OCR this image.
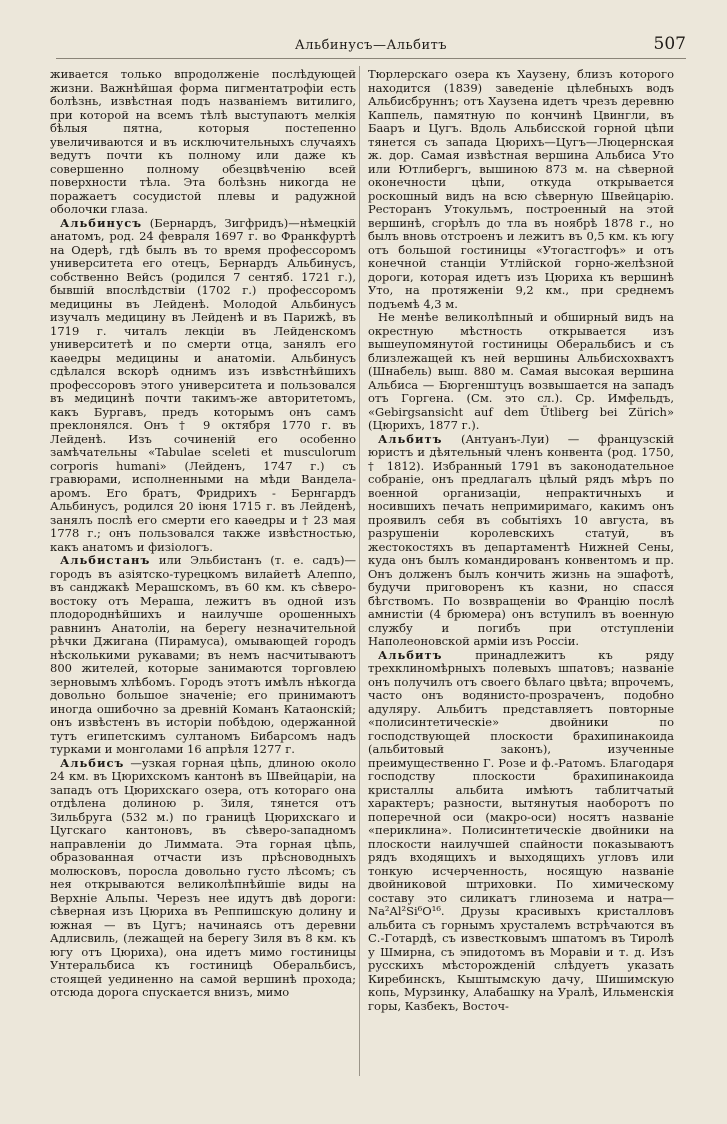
Альбинусъ—Альбитъ	507

живается только впродолженіе послѣдующей жизни. Важнѣйшая форма пигментатрофіи есть болѣзнь, извѣстная подъ названіемъ витилиго, при которой на всемъ тѣлѣ выступаютъ мелкія бѣлыя пятна, которыя постепенно увеличиваются и въ исключительныхъ случаяхъ ведутъ почти къ полному или даже къ совершенно полному обезцвѣченію всей поверхности тѣла. Эта болѣзнь никогда не поражаетъ сосудистой плевы и радужной оболочки глаза.

Альбинусъ (Бернардъ, Зигфридъ)—нѣмецкій анатомъ, род. 24 февраля 1697 г. во Франкфуртѣ на Одерѣ, гдѣ былъ въ то время профессоромъ университета его отецъ, Бернардъ Альбинусъ, собственно Вейсъ (родился 7 сентяб. 1721 г.), бывшій впослѣдствіи (1702 г.) профессоромъ медицины въ Лейденѣ. Молодой Альбинусъ изучалъ медицину въ Лейденѣ и въ Парижѣ, въ 1719 г. читалъ лекціи въ Лейденскомъ университетѣ и по смерти отца, занялъ его каѳедры медицины и анатоміи. Альбинусъ сдѣлался вскорѣ однимъ изъ извѣстнѣйшихъ профессоровъ этого университета и пользовался въ медицинѣ почти такимъ-же авторитетомъ, какъ Бургавъ, предъ которымъ онъ самъ преклонялся. Онъ † 9 октября 1770 г. въ Лейденѣ. Изъ сочиненій его особенно замѣчательны «Tabulae sceleti et musculorum corporis humani» (Лейденъ, 1747 г.) съ гравюрами, исполненными на мѣди Ванделааромъ. Его братъ, Фридрихъ - Бернгардъ Альбинусъ, родился 20 іюня 1715 г. въ Лейденѣ, занялъ послѣ его смерти его каѳедры и † 23 мая 1778 г.; онъ пользовался также извѣстностью, какъ анатомъ и физіологъ.

Альбистанъ или Эльбистанъ (т. е. садъ)—городъ въ азіятско-турецкомъ вилайетѣ Алеппо, въ санджакѣ Мерашскомъ, въ 60 км. къ сѣверо-востоку отъ Мераша, лежитъ въ одной изъ плодороднѣйшихъ и наилучше орошенныхъ равнинъ Анатоліи, на берегу незначительной рѣчки Джигана (Пирамуса), омывающей городъ нѣсколькими рукавами; въ немъ насчитываютъ 800 жителей, которые занимаются торговлею зерновымъ хлѣбомъ. Городъ этотъ имѣлъ нѣкогда довольно большое значеніе; его принимаютъ иногда ошибочно за древній Команъ Катаонскій; онъ извѣстенъ въ исторіи побѣдою, одержанной тутъ египетскимъ султаномъ Бибарсомъ надъ турками и монголами 16 апрѣля 1277 г.

Альбисъ —узкая горная цѣпь, длиною около 24 км. въ Цюрихскомъ кантонѣ въ Швейцаріи, на западъ отъ Цюрихскаго озера, отъ котораго она отдѣлена долиною р. Зиля, тянется отъ Зильбруга (532 м.) по границѣ Цюрихскаго и Цугскаго кантоновъ, въ сѣверо-западномъ направленіи до Лиммата. Эта горная цѣпь, образованная отчасти изъ прѣсноводныхъ молюсковъ, поросла довольно густо лѣсомъ; съ нея открываются великолѣпнѣйшіе виды на Верхніе Альпы. Черезъ нее идутъ двѣ дороги: сѣверная изъ Цюриха въ Реппишскую долину и южная — въ Цугъ; начинаясь отъ деревни Адлисвиль, (лежащей на берегу Зиля въ 8 км. къ югу отъ Цюриха), она идетъ мимо гостиницы Унтеральбиса къ гостиницѣ Оберальбисъ, стоящей уединенно на самой вершинѣ прохода; отсюда дорога спускается внизъ, мимо

Тюрлерскаго озера къ Хаузену, близъ которого находится (1839) заведеніе цѣлебныхъ водъ Альбисбруннъ; отъ Хаузена идетъ чрезъ деревню Каппель, памятную по кончинѣ Цвингли, въ Бааръ и Цугъ. Вдоль Альбисской горной цѣпи тянется съ запада Цюрихъ—Цугъ—Люцернская ж. дор. Самая извѣстная вершина Альбиса Уто или Ютлибергъ, вышиною 873 м. на сѣверной оконечности цѣпи, откуда открывается роскошный видъ на всю сѣверную Швейцарію. Ресторанъ Утокульмъ, построенный на этой вершинѣ, сгорѣлъ до тла въ ноябрѣ 1878 г., но былъ вновь отстроенъ и лежитъ въ 0,5 км. къ югу отъ большой гостиницы «Утогастгофъ» и отъ конечной станціи Утлійской горно-желѣзной дороги, которая идетъ изъ Цюриха къ вершинѣ Уто, на протяженіи 9,2 км., при среднемъ подъемѣ 4,3 м.

Не менѣе великолѣпный и обширный видъ на окрестную мѣстность открывается изъ вышеупомянутой гостиницы Оберальбисъ и съ близлежащей къ ней вершины Альбисхохвахтъ (Шнабель) выш. 880 м. Самая высокая вершина Альбиса — Бюргенштуцъ возвышается на западъ отъ Горгена. (См. это сл.). Ср. Имфельдъ, «Gebirgsansicht auf dem Ütliberg bei Zürich» (Цюрихъ, 1877 г.).

Альбитъ (Антуанъ-Луи) — французскій юристъ и дѣятельный членъ конвента (род. 1750, † 1812). Избранный 1791 въ законодательное собраніе, онъ предлагалъ цѣлый рядъ мѣръ по военной организаціи, непрактичныхъ и носившихъ печать непримиримаго, какимъ онъ проявилъ себя въ событіяхъ 10 августа, въ разрушеніи королевскихъ статуй, въ жестокостяхъ въ департаментѣ Нижней Сены, куда онъ былъ командированъ конвентомъ и пр. Онъ долженъ былъ кончить жизнь на эшафотѣ, будучи приговоренъ къ казни, но спасся бѣгствомъ. По возвращеніи во Францію послѣ амнистіи (4 брюмера) онъ вступилъ въ военную службу и погибъ при отступленіи Наполеоновской арміи изъ Россіи.

Альбитъ	принадлежитъ къ ряду трехклиномѣрныхъ полевыхъ шпатовъ; названіе онъ получилъ отъ своего бѣлаго цвѣта; впрочемъ, часто онъ водянисто-прозраченъ, подобно адуляру. Альбитъ представляетъ повторные «полисинтетическіе» двойники по господствующей плоскости брахипинакоида (альбитовый законъ), изученные преимущественно Г. Розе и ф.-Ратомъ. Благодаря господству плоскости брахипинакоида кристаллы альбита имѣютъ таблитчатый характеръ; разности, вытянутыя наоборотъ по поперечной оси (макро-оси) носятъ названіе «периклина». Полисинтетическіе двойники на плоскости наилучшей спайности показываютъ рядъ входящихъ и выходящихъ угловъ или тонкую исчерченность, носящую названіе двойниковой штриховки. По химическому составу это силикатъ глинозема и натра—Na²Al²Si⁶O¹⁶. Друзы красивыхъ кристалловъ альбита съ горнымъ хрусталемъ встрѣчаются въ С.-Готардѣ, съ известковымъ шпатомъ въ Тиролѣ у Шмирна, съ эпидотомъ въ Моравіи и т. д. Изъ русскихъ мѣсторожденій слѣдуетъ указать Киребинскъ, Кыштымскую дачу, Шишимскую копь, Мурзинку, Алабашку на Уралѣ, Ильменскія горы, Казбекъ, Восточ-
